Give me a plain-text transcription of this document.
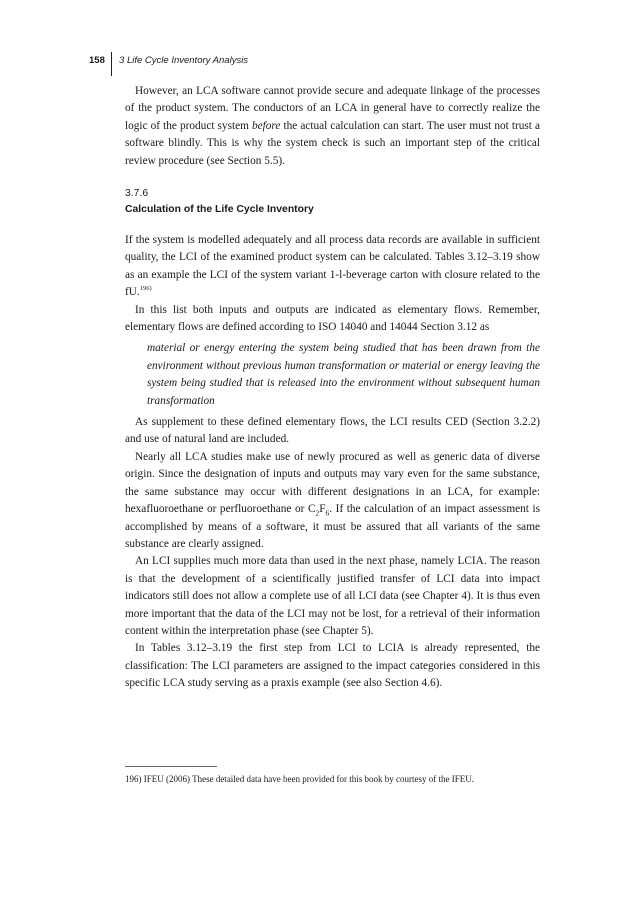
158 3 Life Cycle Inventory Analysis

However, an LCA software cannot provide secure and adequate linkage of the processes of the product system. The conductors of an LCA in general have to correctly realize the logic of the product system before the actual calculation can start. The user must not trust a software blindly. This is why the system check is such an important step of the critical review procedure (see Section 5.5).

3.7.6
Calculation of the Life Cycle Inventory

If the system is modelled adequately and all process data records are available in sufficient quality, the LCI of the examined product system can be calculated. Tables 3.12–3.19 show as an example the LCI of the system variant 1-l-beverage carton with closure related to the fU.$^{196)}$

In this list both inputs and outputs are indicated as elementary flows. Remember, elementary flows are defined according to ISO 14040 and 14044 Section 3.12 as

material or energy entering the system being studied that has been drawn from the environment without previous human transformation or material or energy leaving the system being studied that is released into the environment without subsequent human transformation

As supplement to these defined elementary flows, the LCI results CED (Section 3.2.2) and use of natural land are included.

Nearly all LCA studies make use of newly procured as well as generic data of diverse origin. Since the designation of inputs and outputs may vary even for the same substance, the same substance may occur with different designations in an LCA, for example: hexafluoroethane or perfluoroethane or $C_2F_6$. If the calculation of an impact assessment is accomplished by means of a software, it must be assured that all variants of the same substance are clearly assigned.

An LCI supplies much more data than used in the next phase, namely LCIA. The reason is that the development of a scientifically justified transfer of LCI data into impact indicators still does not allow a complete use of all LCI data (see Chapter 4). It is thus even more important that the data of the LCI may not be lost, for a retrieval of their information content within the interpretation phase (see Chapter 5).

In Tables 3.12–3.19 the first step from LCI to LCIA is already represented, the classification: The LCI parameters are assigned to the impact categories considered in this specific LCA study serving as a praxis example (see also Section 4.6).

196) IFEU (2006) These detailed data have been provided for this book by courtesy of the IFEU.
